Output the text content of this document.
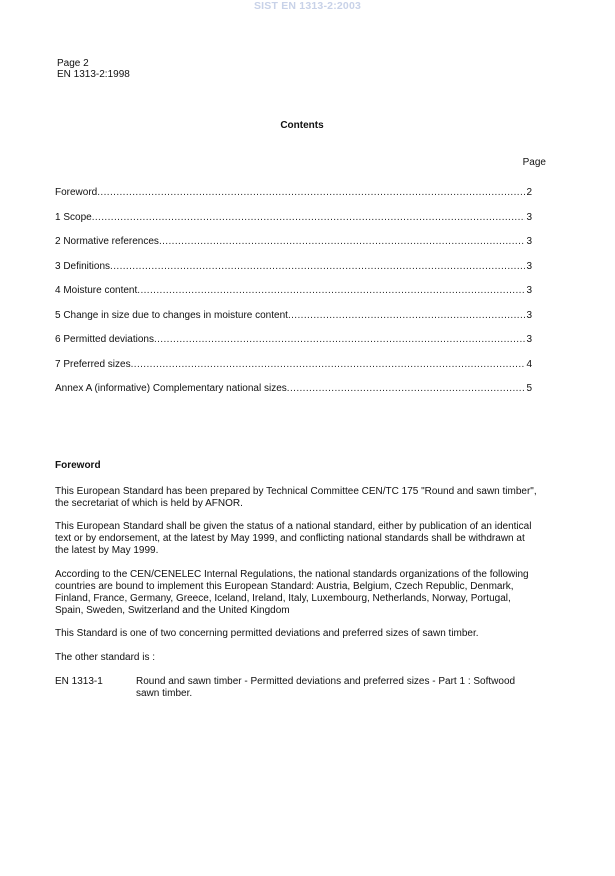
SIST EN 1313-2:2003
Page 2
EN 1313-2:1998
Contents
Page
Foreword .....	2
1 Scope .....	3
2 Normative references .....	3
3 Definitions .....	3
4 Moisture content .....	3
5 Change in size due to changes in moisture content .....	3
6 Permitted deviations .....	3
7 Preferred sizes .....	4
Annex A (informative) Complementary national sizes .....	5
Foreword
This European Standard has been prepared by Technical Committee CEN/TC 175 "Round and sawn timber", the secretariat of which is held by AFNOR.
This European Standard shall be given the status of a national standard, either by publication of an identical text or by endorsement, at the latest by May 1999, and conflicting national standards shall be withdrawn at the latest by May 1999.
According to the CEN/CENELEC Internal Regulations, the national standards organizations of the following countries are bound to implement this European Standard: Austria, Belgium, Czech Republic, Denmark, Finland, France, Germany, Greece, Iceland, Ireland, Italy, Luxembourg, Netherlands, Norway, Portugal, Spain, Sweden, Switzerland and the United Kingdom
This Standard is one of two concerning permitted deviations and preferred sizes of sawn timber.
The other standard is :
EN 1313-1	Round and sawn timber - Permitted deviations and preferred sizes - Part 1 : Softwood sawn timber.
